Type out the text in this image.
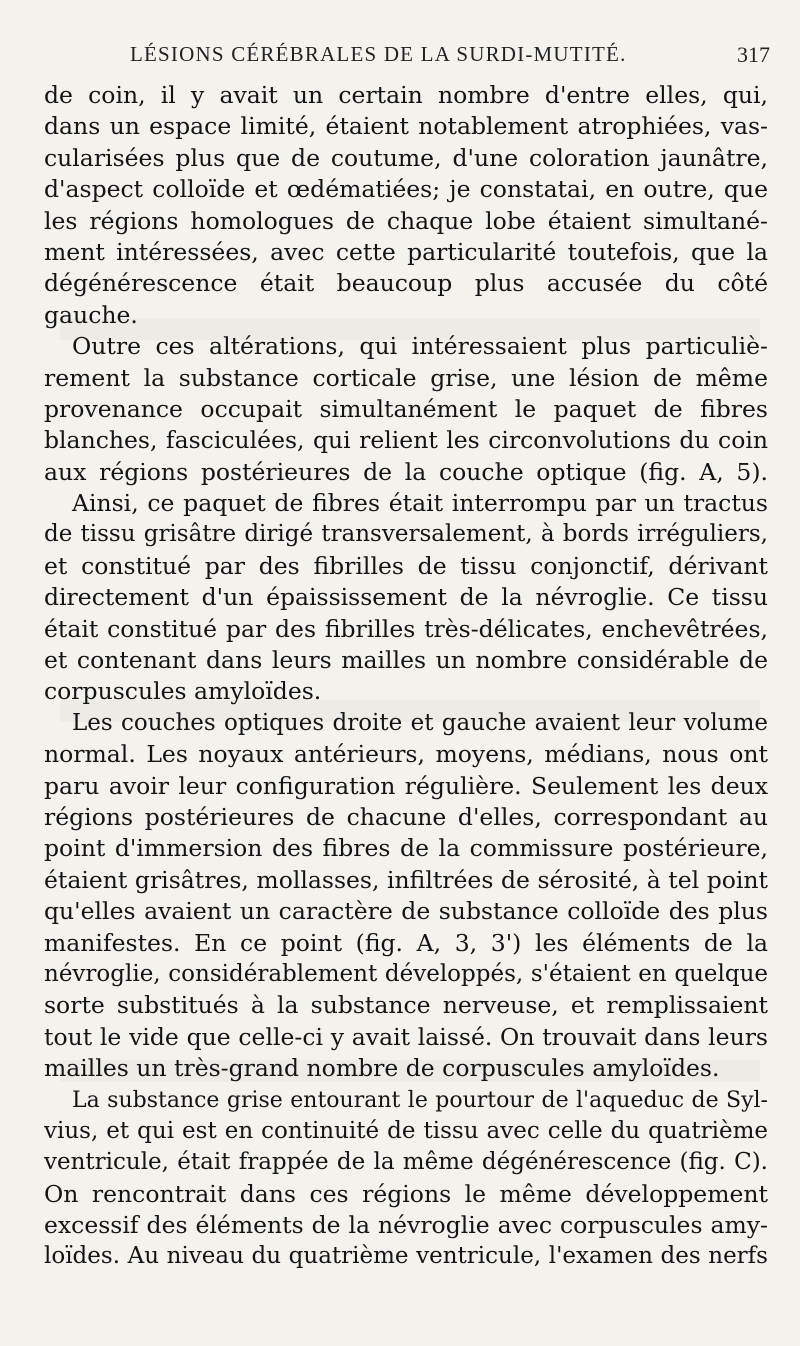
LÉSIONS CÉRÉBRALES DE LA SURDI-MUTITÉ.	317
de coin, il y avait un certain nombre d'entre elles, qui,
dans un espace limité, étaient notablement atrophiées, vas-
cularisées plus que de coutume, d'une coloration jaunâtre,
d'aspect colloïde et œdématiées; je constatai, en outre, que
les régions homologues de chaque lobe étaient simultané-
ment intéressées, avec cette particularité toutefois, que la
dégénérescence était beaucoup plus accusée du côté
gauche.
Outre ces altérations, qui intéressaient plus particuliè-
rement la substance corticale grise, une lésion de même
provenance occupait simultanément le paquet de fibres
blanches, fasciculées, qui relient les circonvolutions du coin
aux régions postérieures de la couche optique (fig. A, 5).
Ainsi, ce paquet de fibres était interrompu par un tractus
de tissu grisâtre dirigé transversalement, à bords irréguliers,
et constitué par des fibrilles de tissu conjonctif, dérivant
directement d'un épaississement de la névroglie. Ce tissu
était constitué par des fibrilles très-délicates, enchevêtrées,
et contenant dans leurs mailles un nombre considérable de
corpuscules amyloïdes.
Les couches optiques droite et gauche avaient leur volume
normal. Les noyaux antérieurs, moyens, médians, nous ont
paru avoir leur configuration régulière. Seulement les deux
régions postérieures de chacune d'elles, correspondant au
point d'immersion des fibres de la commissure postérieure,
étaient grisâtres, mollasses, infiltrées de sérosité, à tel point
qu'elles avaient un caractère de substance colloïde des plus
manifestes. En ce point (fig. A, 3, 3') les éléments de la
névroglie, considérablement développés, s'étaient en quelque
sorte substitués à la substance nerveuse, et remplissaient
tout le vide que celle-ci y avait laissé. On trouvait dans leurs
mailles un très-grand nombre de corpuscules amyloïdes.
La substance grise entourant le pourtour de l'aqueduc de Syl-
vius, et qui est en continuité de tissu avec celle du quatrième
ventricule, était frappée de la même dégénérescence (fig. C).
On rencontrait dans ces régions le même développement
excessif des éléments de la névroglie avec corpuscules amy-
loïdes. Au niveau du quatrième ventricule, l'examen des nerfs
